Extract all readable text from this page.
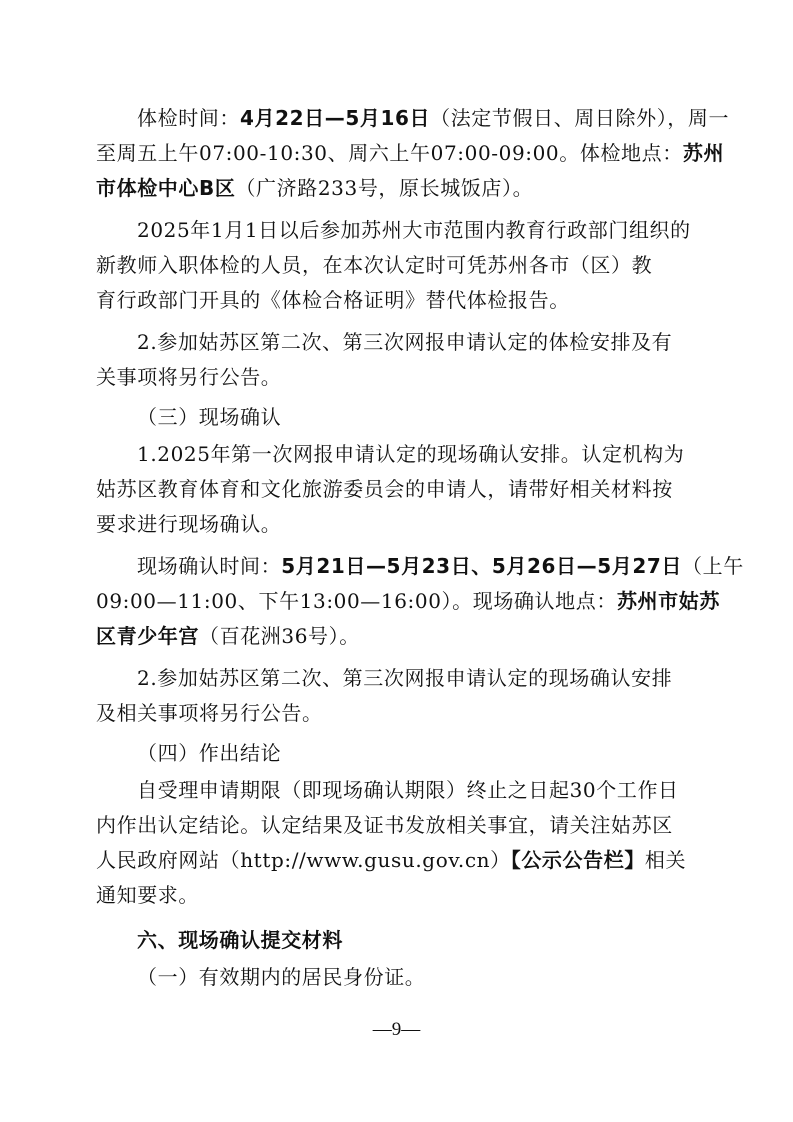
体检时间：4月22日—5月16日（法定节假日、周日除外），周一
至周五上午07:00-10:30、周六上午07:00-09:00。体检地点：苏州
市体检中心B区（广济路233号，原长城饭店）。

2025年1月1日以后参加苏州大市范围内教育行政部门组织的
新教师入职体检的人员，在本次认定时可凭苏州各市（区）教
育行政部门开具的《体检合格证明》替代体检报告。

2.参加姑苏区第二次、第三次网报申请认定的体检安排及有
关事项将另行公告。

（三）现场确认

1.2025年第一次网报申请认定的现场确认安排。认定机构为
姑苏区教育体育和文化旅游委员会的申请人，请带好相关材料按
要求进行现场确认。

现场确认时间：5月21日—5月23日、5月26日—5月27日（上午
09:00—11:00、下午13:00—16:00）。现场确认地点：苏州市姑苏
区青少年宫（百花洲36号）。

2.参加姑苏区第二次、第三次网报申请认定的现场确认安排
及相关事项将另行公告。

（四）作出结论

自受理申请期限（即现场确认期限）终止之日起30个工作日
内作出认定结论。认定结果及证书发放相关事宜，请关注姑苏区
人民政府网站（http://www.gusu.gov.cn）【公示公告栏】相关
通知要求。

六、现场确认提交材料

（一）有效期内的居民身份证。

—9—
